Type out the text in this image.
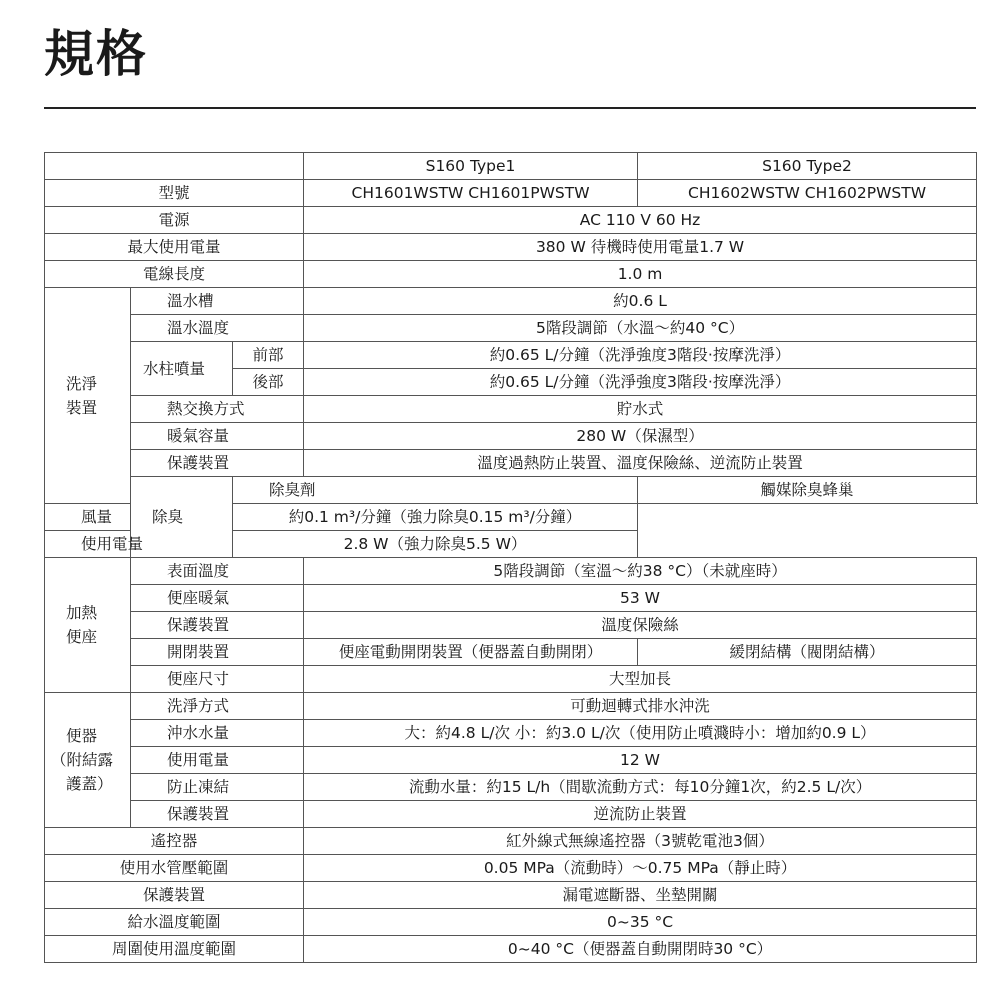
規格
			S160 Type1	S160 Type2
型號			CH1601WSTW CH1601PWSTW	CH1602WSTW CH1602PWSTW
電源			AC 110 V 60 Hz	
最大使用電量			380 W 待機時使用電量1.7 W	
電線長度			1.0 m	

洗淨
裝置	溫水槽		約0.6 L	
	溫水溫度		5階段調節（水溫～約40 °C）	
	水柱噴量	前部	約0.65 L/分鐘（洗淨強度3階段‧按摩洗淨）	
		後部	約0.65 L/分鐘（洗淨強度3階段‧按摩洗淨）	
	熱交換方式		貯水式	
	暖氣容量		280 W（保濕型）	
	保護裝置		溫度過熱防止裝置、溫度保險絲、逆流防止裝置	

	除臭	除臭劑		觸媒除臭蜂巢
風量		約0.1 m³/分鐘（強力除臭0.15 m³/分鐘）		
使用電量		2.8 W（強力除臭5.5 W）		

加熱
便座	表面溫度		5階段調節（室溫～約38 °C）（未就座時）	
	便座暖氣		53 W	
	保護裝置		溫度保險絲	
	開閉裝置		便座電動開閉裝置（便器蓋自動開閉）	緩閉結構（閥閉結構）
	便座尺寸		大型加長	

便器
（附結露
護蓋）	洗淨方式		可動迴轉式排水沖洗	
	沖水水量		大：約4.8 L/次 小：約3.0 L/次（使用防止噴濺時小：增加約0.9 L）	
	使用電量		12 W	
	防止凍結		流動水量：約15 L/h（間歇流動方式：每10分鐘1次，約2.5 L/次）	
	保護裝置		逆流防止裝置	
遙控器			紅外線式無線遙控器（3號乾電池3個）	
使用水管壓範圍			0.05 MPa（流動時）～0.75 MPa（靜止時）	
保護裝置			漏電遮斷器、坐墊開關	
給水溫度範圍			0~35 °C	
周圍使用溫度範圍			0~40 °C（便器蓋自動開閉時30 °C）	
